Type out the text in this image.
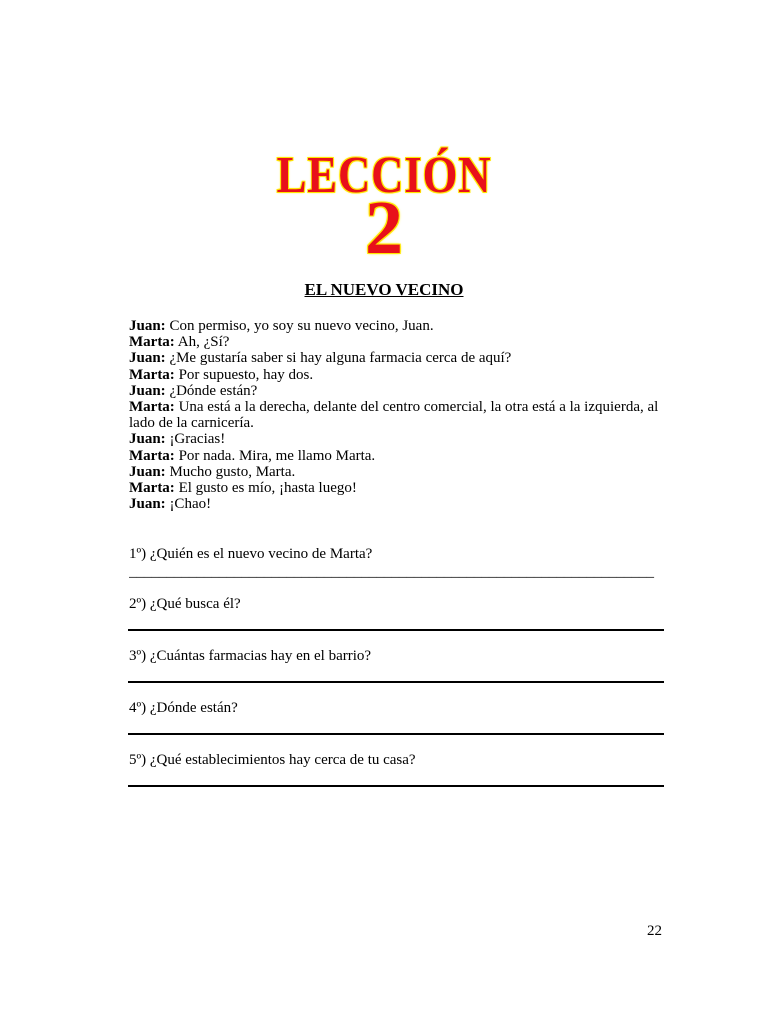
LECCIÓN
2
EL NUEVO VECINO

Juan: Con permiso, yo soy su nuevo vecino, Juan.

Marta: Ah, ¿Sí?

Juan: ¿Me gustaría saber si hay alguna farmacia cerca de aquí?

Marta: Por supuesto, hay dos.

Juan: ¿Dónde están?

Marta: Una está a la derecha, delante del centro comercial, la otra está a la izquierda, al lado de la carnicería.

Juan: ¡Gracias!

Marta: Por nada. Mira, me llamo Marta.

Juan: Mucho gusto, Marta.

Marta: El gusto es mío, ¡hasta luego!

Juan: ¡Chao!

1º) ¿Quién es el nuevo vecino de Marta?
______________________________________________________________________
2º) ¿Qué busca él?
3º) ¿Cuántas farmacias hay en el barrio?
4º) ¿Dónde están?
5º) ¿Qué establecimientos hay cerca de tu casa?
22
